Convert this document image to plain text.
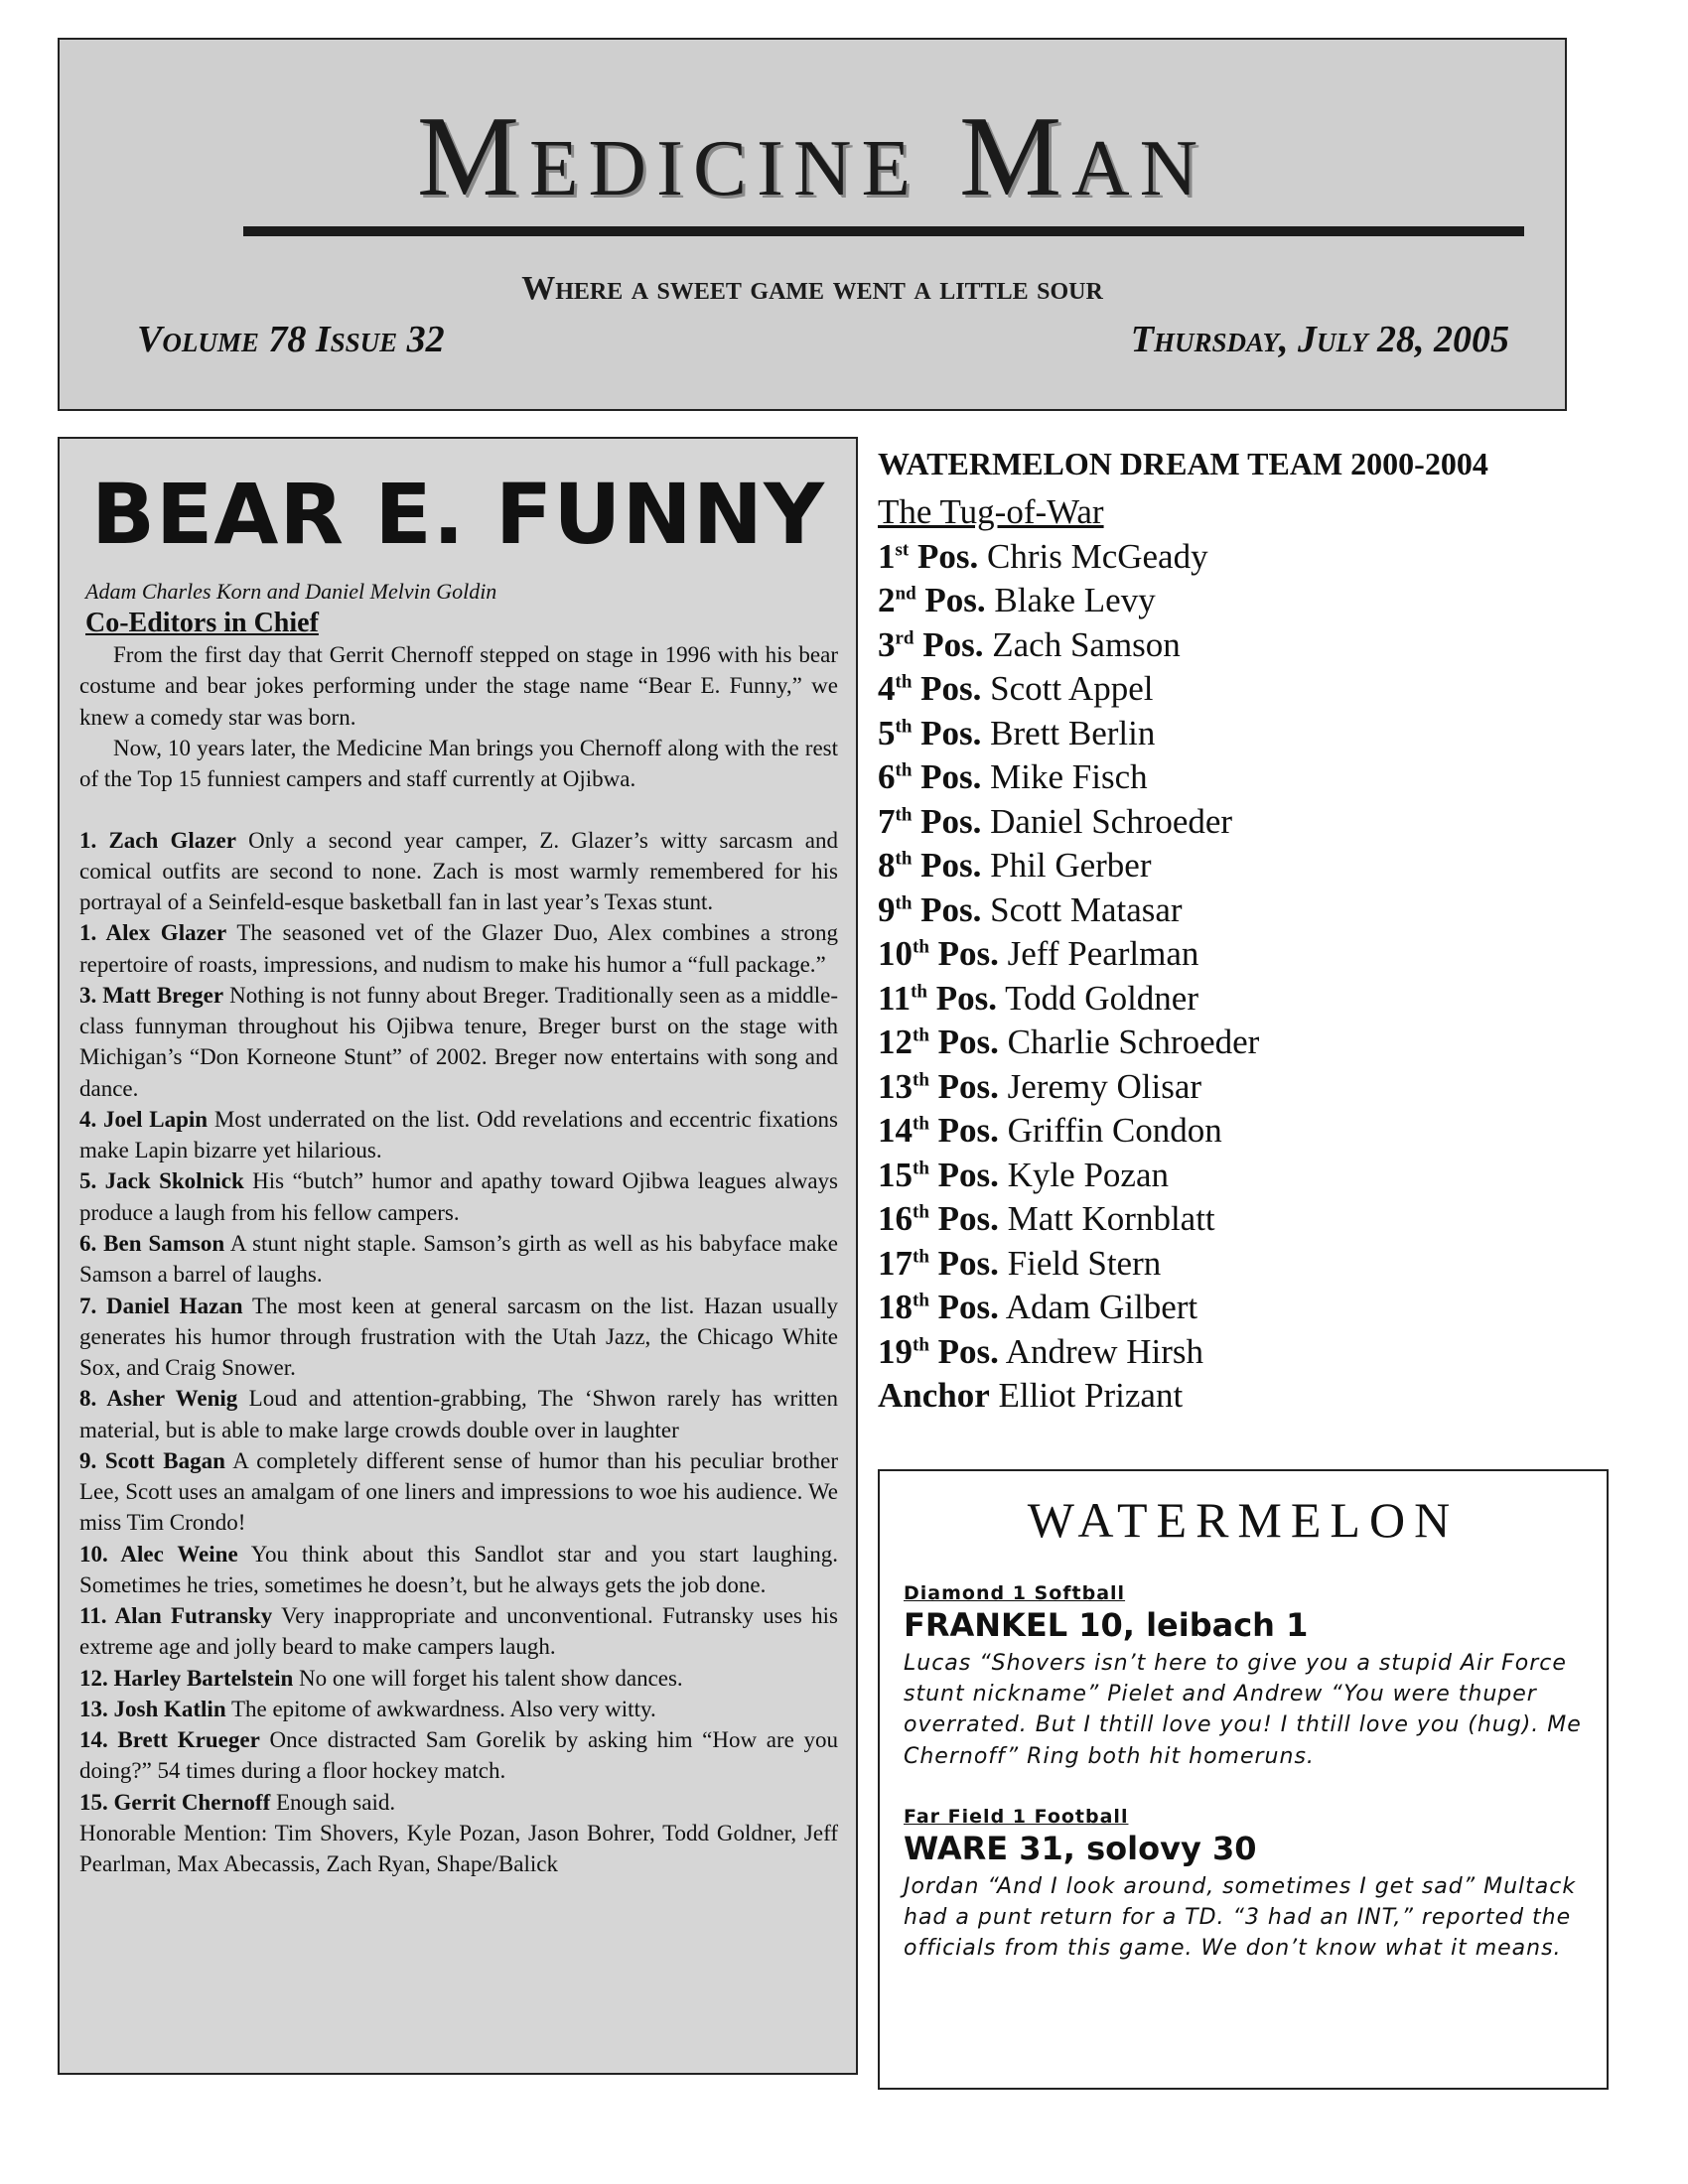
Medicine Man
Where a sweet game went a little sour
Volume 78 Issue 32	Thursday, July 28, 2005
BEAR E. FUNNY
Adam Charles Korn and Daniel Melvin Goldin
Co-Editors in Chief

From the first day that Gerrit Chernoff stepped on stage in 1996 with his bear costume and bear jokes performing under the stage name “Bear E. Funny,” we knew a comedy star was born.

Now, 10 years later, the Medicine Man brings you Chernoff along with the rest of the Top 15 funniest campers and staff currently at Ojibwa.

1. Zach Glazer Only a second year camper, Z. Glazer’s witty sarcasm and comical outfits are second to none. Zach is most warmly remembered for his portrayal of a Seinfeld-esque basketball fan in last year’s Texas stunt.

1. Alex Glazer The seasoned vet of the Glazer Duo, Alex combines a strong repertoire of roasts, impressions, and nudism to make his humor a “full package.”

3. Matt Breger Nothing is not funny about Breger. Traditionally seen as a middle-class funnyman throughout his Ojibwa tenure, Breger burst on the stage with Michigan’s “Don Korneone Stunt” of 2002. Breger now entertains with song and dance.

4. Joel Lapin Most underrated on the list. Odd revelations and eccentric fixations make Lapin bizarre yet hilarious.

5. Jack Skolnick His “butch” humor and apathy toward Ojibwa leagues always produce a laugh from his fellow campers.

6. Ben Samson A stunt night staple. Samson’s girth as well as his babyface make Samson a barrel of laughs.

7. Daniel Hazan The most keen at general sarcasm on the list. Hazan usually generates his humor through frustration with the Utah Jazz, the Chicago White Sox, and Craig Snower.

8. Asher Wenig Loud and attention-grabbing, The ‘Shwon rarely has written material, but is able to make large crowds double over in laughter

9. Scott Bagan A completely different sense of humor than his peculiar brother Lee, Scott uses an amalgam of one liners and impressions to woe his audience. We miss Tim Crondo!

10. Alec Weine You think about this Sandlot star and you start laughing. Sometimes he tries, sometimes he doesn’t, but he always gets the job done.

11. Alan Futransky Very inappropriate and unconventional. Futransky uses his extreme age and jolly beard to make campers laugh.

12. Harley Bartelstein No one will forget his talent show dances.

13. Josh Katlin The epitome of awkwardness. Also very witty.

14. Brett Krueger Once distracted Sam Gorelik by asking him “How are you doing?” 54 times during a floor hockey match.

15. Gerrit Chernoff Enough said.

Honorable Mention: Tim Shovers, Kyle Pozan, Jason Bohrer, Todd Goldner, Jeff Pearlman, Max Abecassis, Zach Ryan, Shape/Balick

WATERMELON DREAM TEAM 2000-2004
The Tug-of-War
1st Pos. Chris McGeady
2nd Pos. Blake Levy
3rd Pos. Zach Samson
4th Pos. Scott Appel
5th Pos. Brett Berlin
6th Pos. Mike Fisch
7th Pos. Daniel Schroeder
8th Pos. Phil Gerber
9th Pos. Scott Matasar
10th Pos. Jeff Pearlman
11th Pos. Todd Goldner
12th Pos. Charlie Schroeder
13th Pos. Jeremy Olisar
14th Pos. Griffin Condon
15th Pos. Kyle Pozan
16th Pos. Matt Kornblatt
17th Pos. Field Stern
18th Pos. Adam Gilbert
19th Pos. Andrew Hirsh
Anchor Elliot Prizant
WATERMELON
Diamond 1 Softball
FRANKEL 10, leibach 1
Lucas “Shovers isn’t here to give you a stupid Air Force stunt nickname” Pielet and Andrew “You were thuper overrated. But I thtill love you! I thtill love you (hug). Me Chernoff” Ring both hit homeruns.
Far Field 1 Football
WARE 31, solovy 30
Jordan “And I look around, sometimes I get sad” Multack had a punt return for a TD. “3 had an INT,” reported the officials from this game. We don’t know what it means.
